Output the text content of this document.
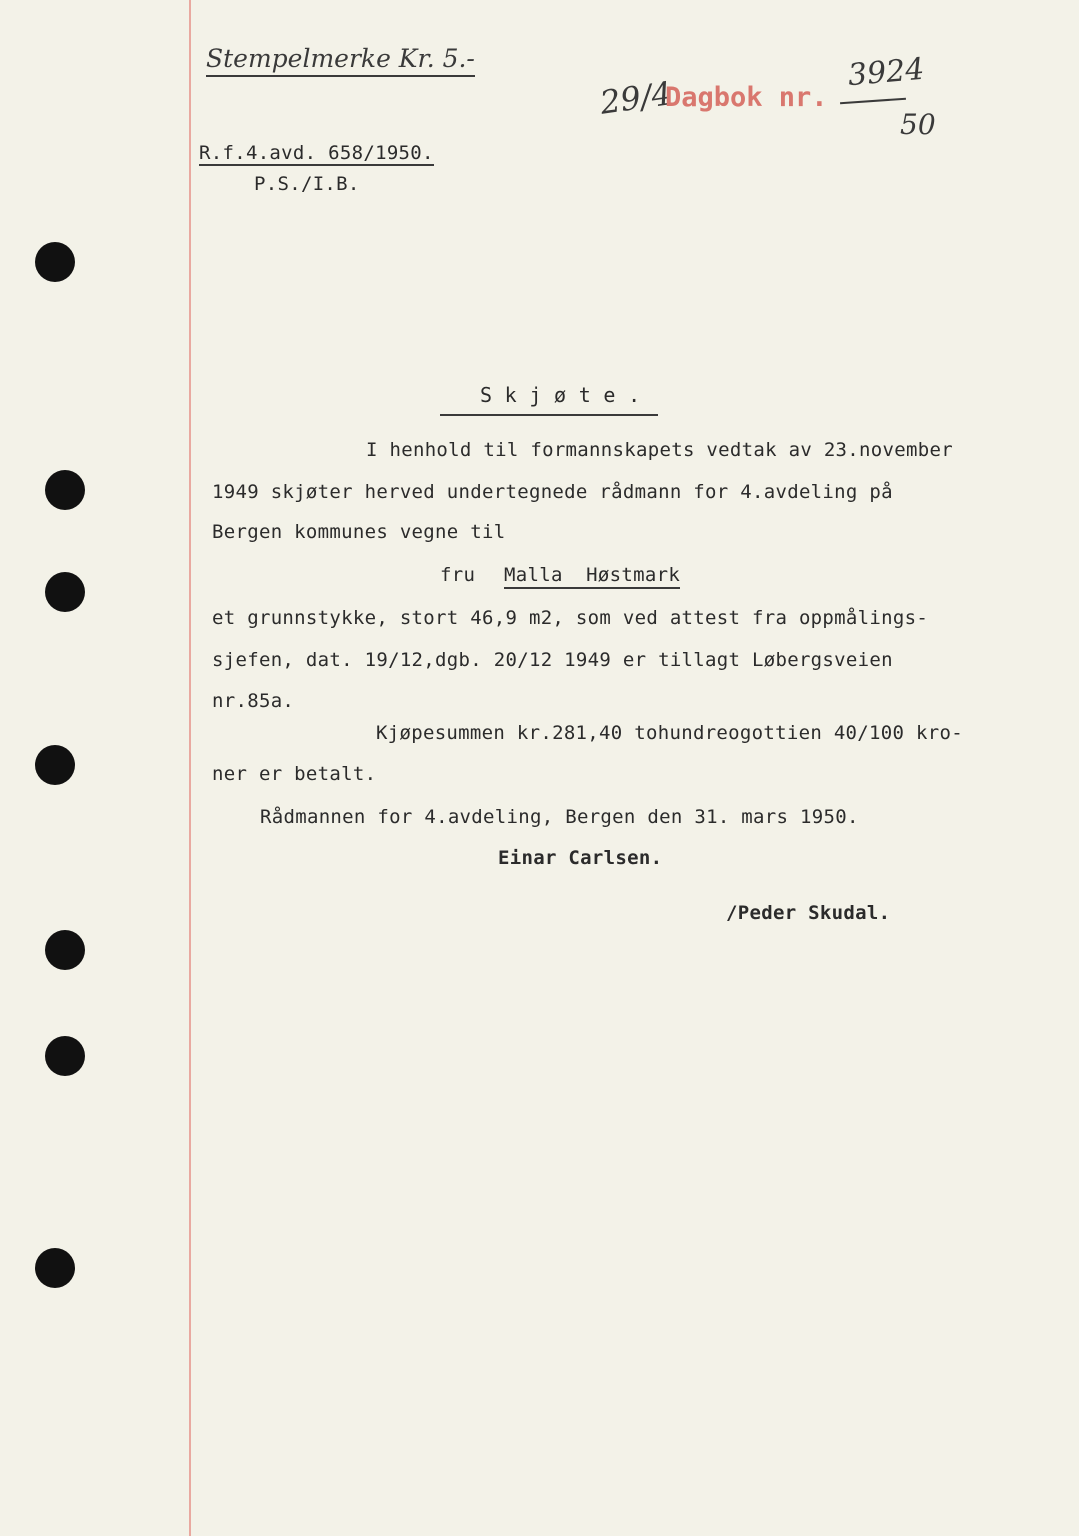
Stempelmerke Kr. 5.-
29/4
Dagbok nr.
3924
50
R.f.4.avd. 658/1950.
P.S./I.B.
S k j ø t e .
I henhold til formannskapets vedtak av 23.november
1949 skjøter herved undertegnede rådmann for 4.avdeling på
Bergen kommunes vegne til
fru Malla  Høstmark
et grunnstykke, stort 46,9 m2, som ved attest fra oppmålings-
sjefen, dat. 19/12,dgb. 20/12 1949 er tillagt Løbergsveien
nr.85a.
Kjøpesummen kr.281,40 tohundreogottien 40/100 kro-
ner er betalt.
Rådmannen for 4.avdeling, Bergen den 31. mars 1950.
Einar Carlsen.
/Peder Skudal.
